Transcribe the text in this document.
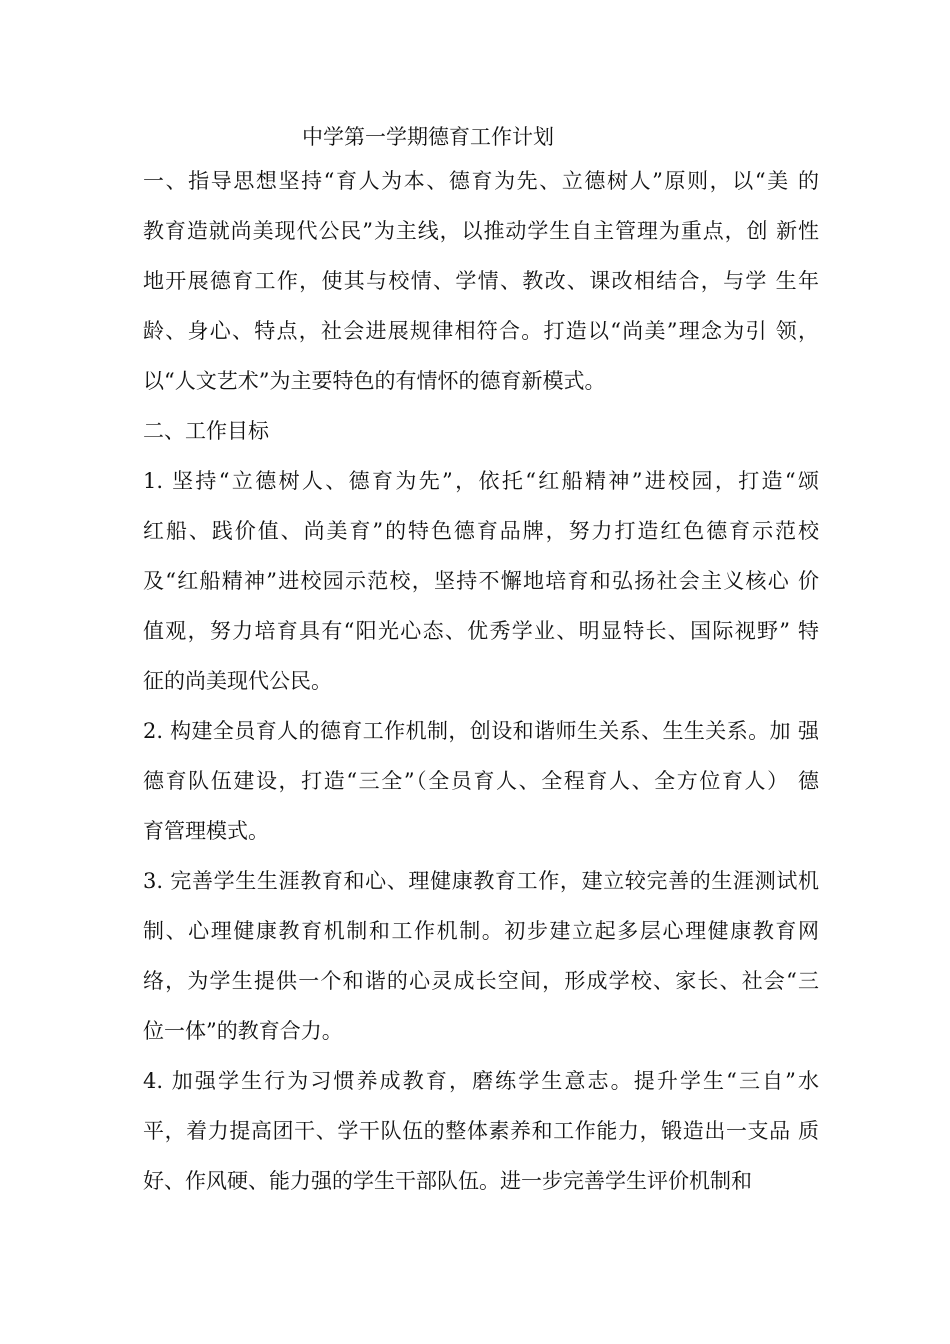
中学第一学期德育工作计划
一、指导思想坚持“育人为本、德育为先、立德树人”原则，以“美 的
教育造就尚美现代公民”为主线，以推动学生自主管理为重点，创 新性
地开展德育工作，使其与校情、学情、教改、课改相结合，与学 生年
龄、身心、特点，社会进展规律相符合。打造以“尚美”理念为引 领，
以“人文艺术”为主要特色的有情怀的德育新模式。
二、工作目标
1. 坚持“立德树人、德育为先”，依托“红船精神”进校园，打造“颂
红船、践价值、尚美育”的特色德育品牌，努力打造红色德育示范校
及“红船精神”进校园示范校，坚持不懈地培育和弘扬社会主义核心 价
值观，努力培育具有“阳光心态、优秀学业、明显特长、国际视野” 特
征的尚美现代公民。
2. 构建全员育人的德育工作机制，创设和谐师生关系、生生关系。加 强
德育队伍建设，打造“三全”（全员育人、全程育人、全方位育人） 德
育管理模式。
3. 完善学生生涯教育和心、理健康教育工作，建立较完善的生涯测试机
制、心理健康教育机制和工作机制。初步建立起多层心理健康教育网
络，为学生提供一个和谐的心灵成长空间，形成学校、家长、社会“三
位一体”的教育合力。
4. 加强学生行为习惯养成教育，磨练学生意志。提升学生“三自”水
平，着力提高团干、学干队伍的整体素养和工作能力，锻造出一支品 质
好、作风硬、能力强的学生干部队伍。进一步完善学生评价机制和
